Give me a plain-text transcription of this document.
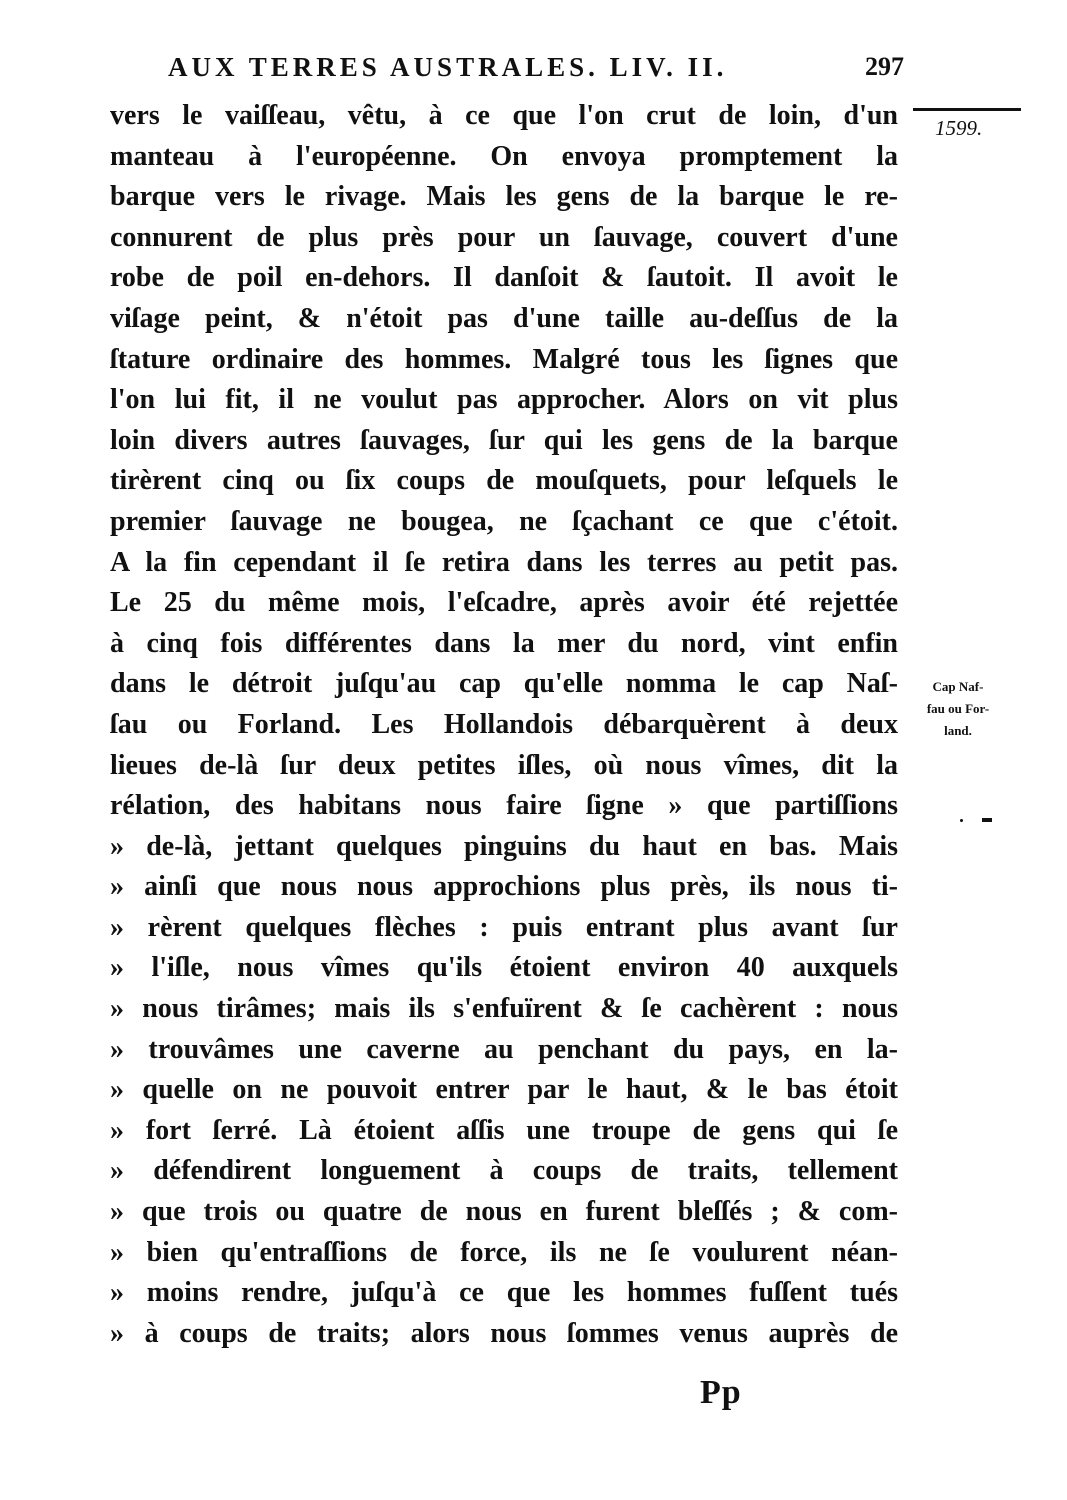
AUX TERRES AUSTRALES. LIV. II.	297
1599.
vers le vaiſſeau, vêtu, à ce que l'on crut de loin, d'un
manteau à l'européenne. On envoya promptement la
barque vers le rivage. Mais les gens de la barque le re-
connurent de plus près pour un ſauvage, couvert d'une
robe de poil en-dehors. Il danſoit & ſautoit. Il avoit le
viſage peint, & n'étoit pas d'une taille au-deſſus de la
ſtature ordinaire des hommes. Malgré tous les ſignes que
l'on lui fit, il ne voulut pas approcher. Alors on vit plus
loin divers autres ſauvages, ſur qui les gens de la barque
tirèrent cinq ou ſix coups de mouſquets, pour leſquels le
premier ſauvage ne bougea, ne ſçachant ce que c'étoit.
A la fin cependant il ſe retira dans les terres au petit pas.
Le 25 du même mois, l'eſcadre, après avoir été rejettée
à cinq fois différentes dans la mer du nord, vint enfin
dans le détroit juſqu'au cap qu'elle nomma le cap Naſ-
ſau ou Forland. Les Hollandois débarquèrent à deux
lieues de-là ſur deux petites iſles, où nous vîmes, dit la
rélation, des habitans nous faire ſigne » que partiſſions
» de-là, jettant quelques pinguins du haut en bas. Mais
» ainſi que nous nous approchions plus près, ils nous ti-
» rèrent quelques flèches : puis entrant plus avant ſur
» l'iſle, nous vîmes qu'ils étoient environ 40 auxquels
» nous tirâmes; mais ils s'enfuïrent & ſe cachèrent : nous
» trouvâmes une caverne au penchant du pays, en la-
» quelle on ne pouvoit entrer par le haut, & le bas étoit
» fort ſerré. Là étoient aſſis une troupe de gens qui ſe
» défendirent longuement à coups de traits, tellement
» que trois ou quatre de nous en furent bleſſés ; & com-
» bien qu'entraſſions de force, ils ne ſe voulurent néan-
» moins rendre, juſqu'à ce que les hommes fuſſent tués
» à coups de traits; alors nous ſommes venus auprès de
Cap Naf-
fau ou For-
land.
Pp
